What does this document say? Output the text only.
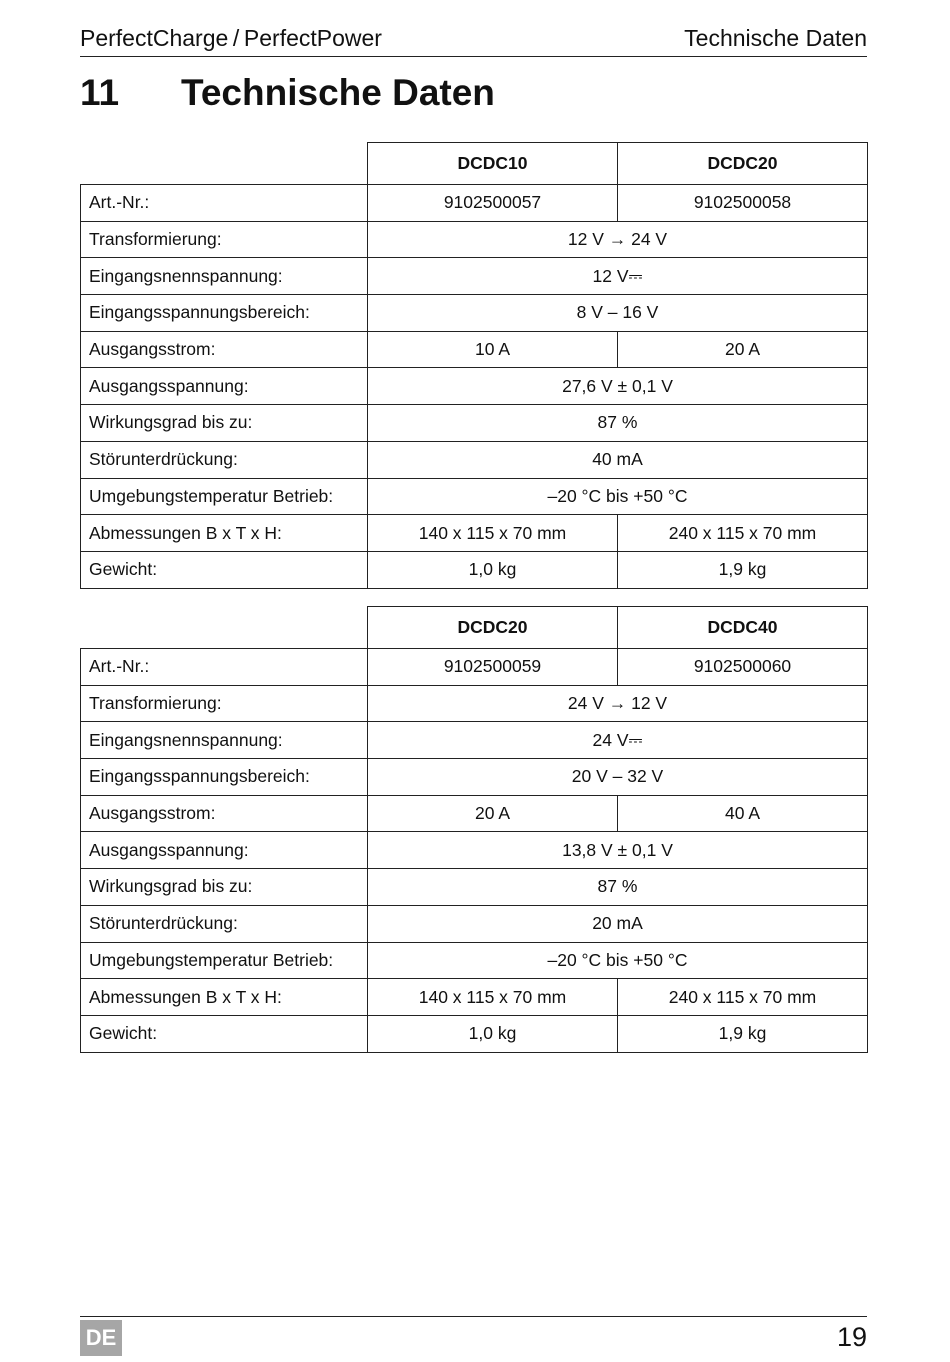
PerfectCharge / PerfectPower	Technische Daten
11 Technische Daten
	DCDC10	DCDC20
Art.-Nr.:	9102500057	9102500058
Transformierung:	12 V → 24 V	
Eingangsnennspannung:	12 V⎓	
Eingangsspannungsbereich:	8 V – 16 V	
Ausgangsstrom:	10 A	20 A
Ausgangsspannung:	27,6 V ± 0,1 V	
Wirkungsgrad bis zu:	87 %	
Störunterdrückung:	40 mA	
Umgebungstemperatur Betrieb:	–20 °C bis +50 °C	
Abmessungen B x T x H:	140 x 115 x 70 mm	240 x 115 x 70 mm
Gewicht:	1,0 kg	1,9 kg
	DCDC20	DCDC40
Art.-Nr.:	9102500059	9102500060
Transformierung:	24 V → 12 V	
Eingangsnennspannung:	24 V⎓	
Eingangsspannungsbereich:	20 V – 32 V	
Ausgangsstrom:	20 A	40 A
Ausgangsspannung:	13,8 V ± 0,1 V	
Wirkungsgrad bis zu:	87 %	
Störunterdrückung:	20 mA	
Umgebungstemperatur Betrieb:	–20 °C bis +50 °C	
Abmessungen B x T x H:	140 x 115 x 70 mm	240 x 115 x 70 mm
Gewicht:	1,0 kg	1,9 kg
DE	19
